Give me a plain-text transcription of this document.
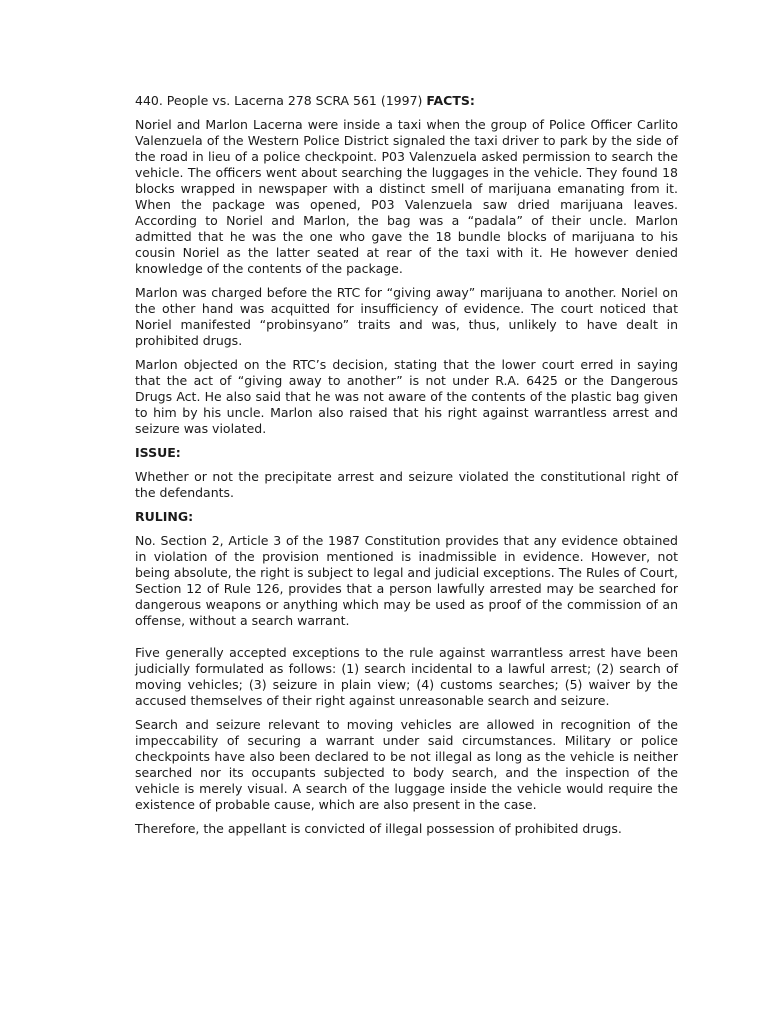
440. People vs. Lacerna 278 SCRA 561 (1997) FACTS:

Noriel and Marlon Lacerna were inside a taxi when the group of Police Officer Carlito Valenzuela of the Western Police District signaled the taxi driver to park by the side of the road in lieu of a police checkpoint. P03 Valenzuela asked permission to search the vehicle. The officers went about searching the luggages in the vehicle. They found 18 blocks wrapped in newspaper with a distinct smell of marijuana emanating from it. When the package was opened, P03 Valenzuela saw dried marijuana leaves. According to Noriel and Marlon, the bag was a “padala” of their uncle. Marlon admitted that he was the one who gave the 18 bundle blocks of marijuana to his cousin Noriel as the latter seated at rear of the taxi with it. He however denied knowledge of the contents of the package.

Marlon was charged before the RTC for “giving away” marijuana to another. Noriel on the other hand was acquitted for insufficiency of evidence. The court noticed that Noriel manifested “probinsyano” traits and was, thus, unlikely to have dealt in prohibited drugs.

Marlon objected on the RTC’s decision, stating that the lower court erred in saying that the act of “giving away to another” is not under R.A. 6425 or the Dangerous Drugs Act. He also said that he was not aware of the contents of the plastic bag given to him by his uncle. Marlon also raised that his right against warrantless arrest and seizure was violated.

ISSUE:

Whether or not the precipitate arrest and seizure violated the constitutional right of the defendants.

RULING:

No. Section 2, Article 3 of the 1987 Constitution provides that any evidence obtained in violation of the provision mentioned is inadmissible in evidence. However, not being absolute, the right is subject to legal and judicial exceptions. The Rules of Court, Section 12 of Rule 126, provides that a person lawfully arrested may be searched for dangerous weapons or anything which may be used as proof of the commission of an offense, without a search warrant.

Five generally accepted exceptions to the rule against warrantless arrest have been judicially formulated as follows: (1) search incidental to a lawful arrest; (2) search of moving vehicles; (3) seizure in plain view; (4) customs searches; (5) waiver by the accused themselves of their right against unreasonable search and seizure.

Search and seizure relevant to moving vehicles are allowed in recognition of the impeccability of securing a warrant under said circumstances. Military or police checkpoints have also been declared to be not illegal as long as the vehicle is neither searched nor its occupants subjected to body search, and the inspection of the vehicle is merely visual. A search of the luggage inside the vehicle would require the existence of probable cause, which are also present in the case.

Therefore, the appellant is convicted of illegal possession of prohibited drugs.
